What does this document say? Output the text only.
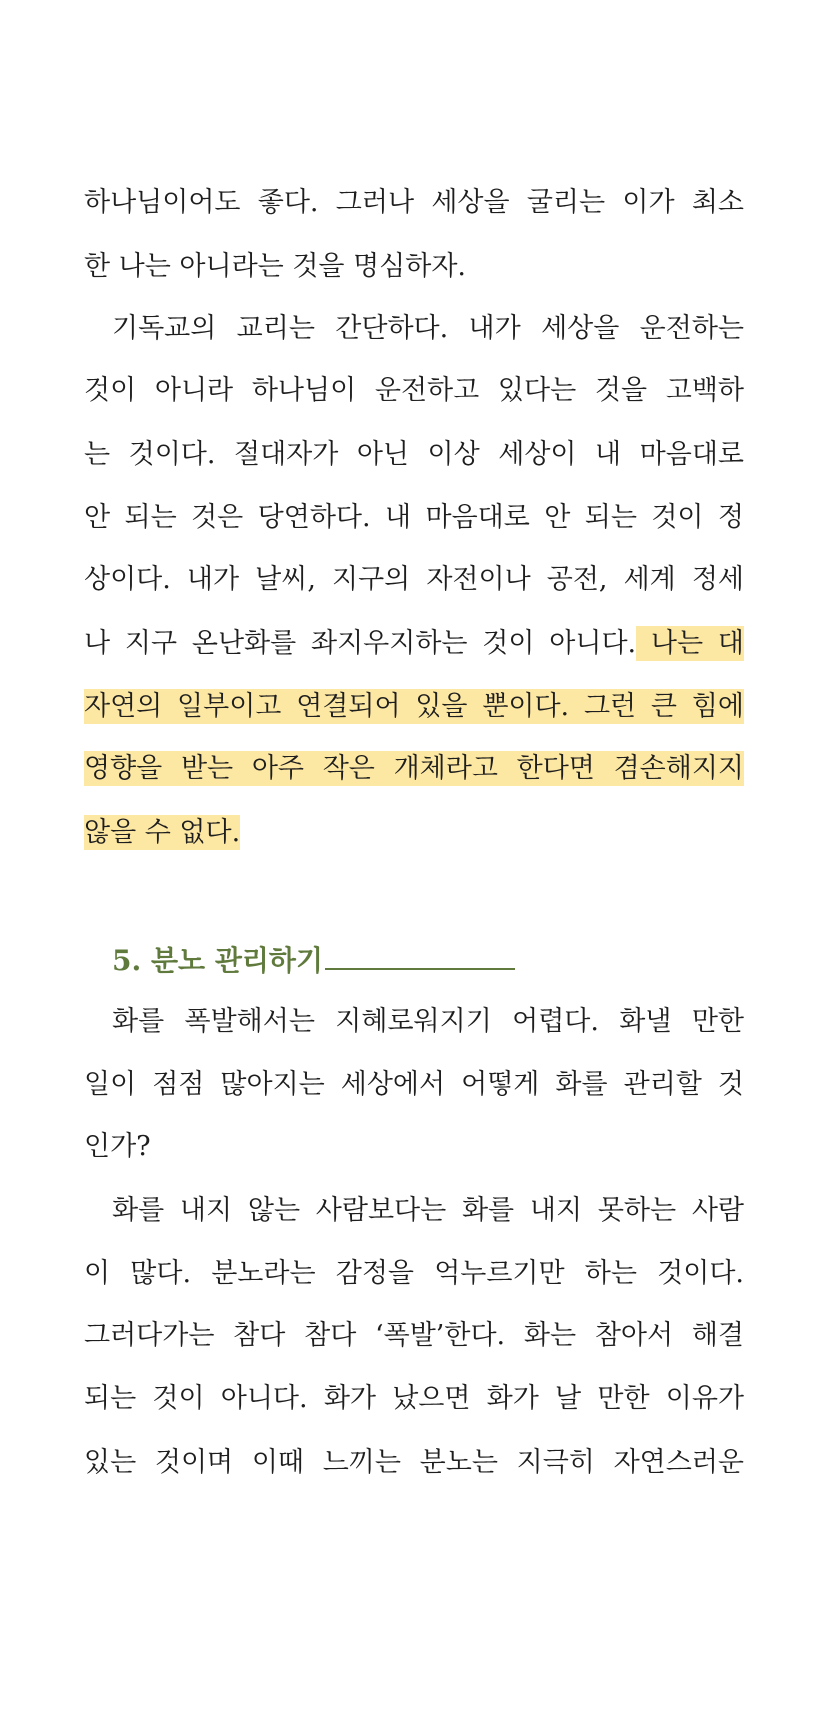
하나님이어도 좋다. 그러나 세상을 굴리는 이가 최소
한 나는 아니라는 것을 명심하자.
기독교의 교리는 간단하다. 내가 세상을 운전하는
것이 아니라 하나님이 운전하고 있다는 것을 고백하
는 것이다. 절대자가 아닌 이상 세상이 내 마음대로
안 되는 것은 당연하다. 내 마음대로 안 되는 것이 정
상이다. 내가 날씨, 지구의 자전이나 공전, 세계 정세
나 지구 온난화를 좌지우지하는 것이 아니다. 나는 대
자연의 일부이고 연결되어 있을 뿐이다. 그런 큰 힘에
영향을 받는 아주 작은 개체라고 한다면 겸손해지지
않을 수 없다.
화를 폭발해서는 지혜로워지기 어렵다. 화낼 만한
일이 점점 많아지는 세상에서 어떻게 화를 관리할 것
인가?
화를 내지 않는 사람보다는 화를 내지 못하는 사람
이 많다. 분노라는 감정을 억누르기만 하는 것이다.
그러다가는 참다 참다 ‘폭발’한다. 화는 참아서 해결
되는 것이 아니다. 화가 났으면 화가 날 만한 이유가
있는 것이며 이때 느끼는 분노는 지극히 자연스러운
5. 분노 관리하기
